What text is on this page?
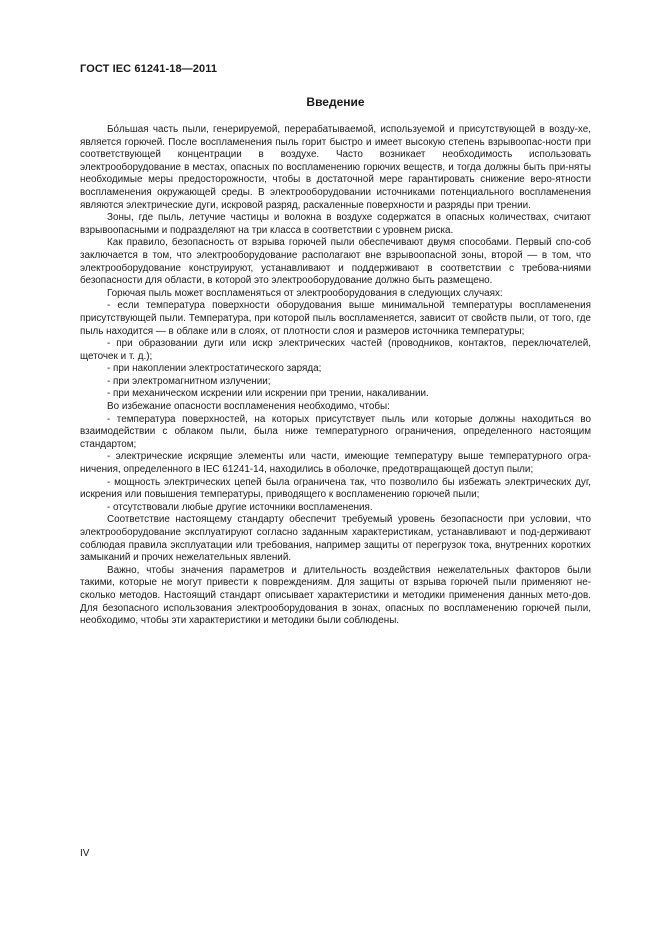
ГОСТ IEC 61241-18—2011
Введение

Бо́льшая часть пыли, генерируемой, перерабатываемой, используемой и присутствующей в возду-хе, является горючей. После воспламенения пыль горит быстро и имеет высокую степень взрывоопас-ности при соответствующей концентрации в воздухе. Часто возникает необходимость использовать электрооборудование в местах, опасных по воспламенению горючих веществ, и тогда должны быть при-няты необходимые меры предосторожности, чтобы в достаточной мере гарантировать снижение веро-ятности воспламенения окружающей среды. В электрооборудовании источниками потенциального воспламенения являются электрические дуги, искровой разряд, раскаленные поверхности и разряды при трении.

Зоны, где пыль, летучие частицы и волокна в воздухе содержатся в опасных количествах, считают взрывоопасными и подразделяют на три класса в соответствии с уровнем риска.

Как правило, безопасность от взрыва горючей пыли обеспечивают двумя способами. Первый спо-соб заключается в том, что электрооборудование располагают вне взрывоопасной зоны, второй — в том, что электрооборудование конструируют, устанавливают и поддерживают в соответствии с требова-ниями безопасности для области, в которой это электрооборудование должно быть размещено.

Горючая пыль может воспламеняться от электрооборудования в следующих случаях:

- если температура поверхности оборудования выше минимальной температуры воспламенения присутствующей пыли. Температура, при которой пыль воспламеняется, зависит от свойств пыли, от того, где пыль находится — в облаке или в слоях, от плотности слоя и размеров источника температуры;

- при образовании дуги или искр электрических частей (проводников, контактов, переключателей, щеточек и т. д.);

- при накоплении электростатического заряда;

- при электромагнитном излучении;

- при механическом искрении или искрении при трении, накаливании.

Во избежание опасности воспламенения необходимо, чтобы:

- температура поверхностей, на которых присутствует пыль или которые должны находиться во взаимодействии с облаком пыли, была ниже температурного ограничения, определенного настоящим стандартом;

- электрические искрящие элементы или части, имеющие температуру выше температурного огра-ничения, определенного в IEC 61241-14, находились в оболочке, предотвращающей доступ пыли;

- мощность электрических цепей была ограничена так, что позволило бы избежать электрических дуг, искрения или повышения температуры, приводящего к воспламенению горючей пыли;

- отсутствовали любые другие источники воспламенения.

Соответствие настоящему стандарту обеспечит требуемый уровень безопасности при условии, что электрооборудование эксплуатируют согласно заданным характеристикам, устанавливают и под-держивают соблюдая правила эксплуатации или требования, например защиты от перегрузок тока, внутренних коротких замыканий и прочих нежелательных явлений.

Важно, чтобы значения параметров и длительность воздействия нежелательных факторов были такими, которые не могут привести к повреждениям. Для защиты от взрыва горючей пыли применяют не-сколько методов. Настоящий стандарт описывает характеристики и методики применения данных мето-дов. Для безопасного использования электрооборудования в зонах, опасных по воспламенению горючей пыли, необходимо, чтобы эти характеристики и методики были соблюдены.

IV
